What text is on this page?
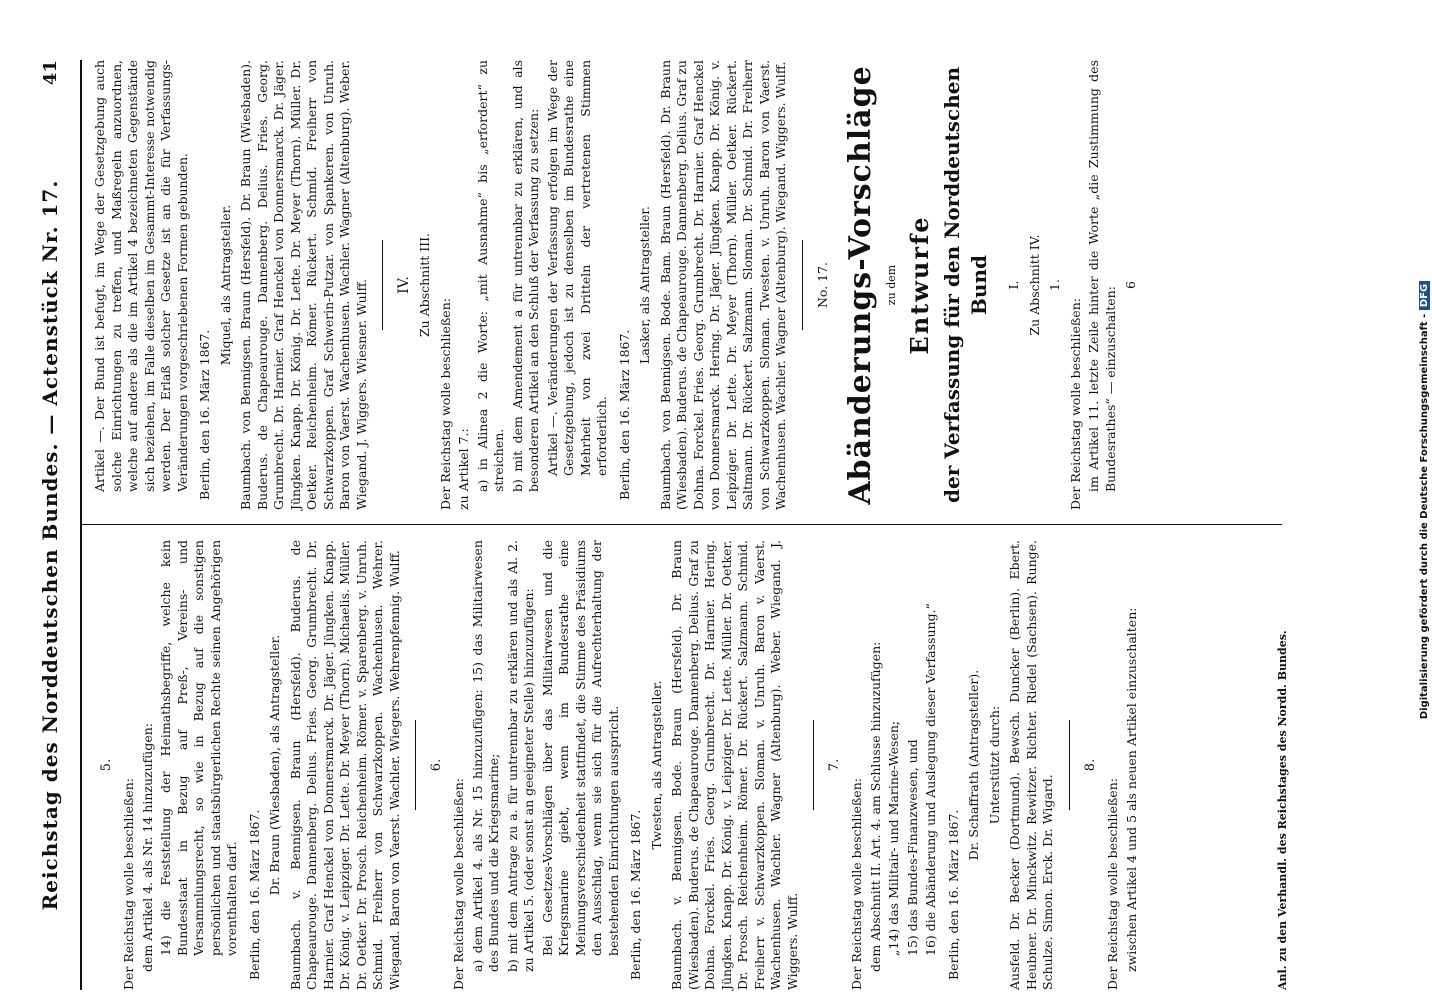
Reichstag des Norddeutschen Bundes. — Actenstück Nr. 17.
41
5.
Der Reichstag wolle beschließen: dem Artikel 4. als Nr. 14 hinzuzufügen: 14) die Feststellung der Heimathsbegriffe, welche kein Bundesstaat in Bezug auf Preß-, Vereins- und Versammlungsrecht, so wie in Bezug auf die sonstigen persönlichen und staatsbürgerlichen Rechte seinen Angehörigen vorenthalten darf. Berlin, den 16. März 1867. Dr. Braun (Wiesbaden), als Antragsteller. Baumbach. v. Bennigsen. Braun (Hersfeld). Buderus. de Chapeaurouge. Dannenberg. Delius. Fries. Georg. Grumbrecht. Dr. Harnier. Graf Henckel von Donnersmarck. Dr. Jäger. Jüngken. Knapp. Dr. König. v. Leipziger. Dr. Lette. Dr. Meyer (Thorn). Michaelis. Müller. Dr. Oetker. Dr. Prosch. Reichenheim. Römer. v. Sparenberg. v. Unruh. Schmid. Freiherr von Schwarzkoppen. Wachenhusen. Wehrer. Wiegand. Baron von Vaerst. Wachler. Wiegers. Wehrenpfennig. Wulff. 6.
Der Reichstag wolle beschließen: a) dem Artikel 4. als Nr. 15 hinzuzufügen: 15) das Militairwesen des Bundes und die Kriegsmarine; b) mit dem Antrage zu a. für untrennbar zu erklären und als Al. 2. zu Artikel 5. (oder sonst an geeigneter Stelle) hinzuzufügen: Bei Gesetzes-Vorschlägen über das Militairwesen und die Kriegsmarine giebt, wenn im Bundesrathe eine Meinungsverschiedenheit stattfindet, die Stimme des Präsidiums den Ausschlag, wenn sie sich für die Aufrechterhaltung der bestehenden Einrichtungen ausspricht. Berlin, den 16. März 1867.
Twesten, als Antragsteller. Baumbach. v. Bennigsen. Bode. Braun (Hersfeld). Dr. Braun (Wiesbaden). Buderus. de Chapeaurouge. Dannenberg. Delius. Graf zu Dohna. Forckel. Fries. Georg. Grumbrecht. Dr. Harnier. Hering. Jüngken. Knapp. Dr. König. v. Leipziger. Dr. Lette. Müller. Dr. Oetker. Dr. Prosch. Reichenheim. Römer. Dr. Rückert. Salzmann. Schmid. Freiherr v. Schwarzkoppen. Sloman. v. Unruh. Baron v. Vaerst. Wachenhusen. Wachler. Wagner (Altenburg). Weber. Wiegand. J. Wiggers. Wulff.
7.
Der Reichstag wolle beschließen: dem Abschnitt II. Art. 4. am Schlusse hinzuzufügen: „14) das Militair- und Marine-Wesen; 15) das Bundes-Finanzwesen, und 16) die Abänderung und Auslegung dieser Verfassung.“ Berlin, den 16. März 1867.
Dr. Schaffrath (Antragsteller). Unterstützt durch: Ausfeld. Dr. Becker (Dortmund). Bewsch. Duncker (Berlin). Ebert. Heubner. Dr. Minckwitz. Rewitzer. Richter. Riedel (Sachsen). Runge. Schulze. Simon. Erck. Dr. Wigard.
8.
Der Reichstag wolle beschließen: zwischen Artikel 4 und 5 als neuen Artikel einzuschalten:	Anl. zu den Verhandl. des Reichstages des Nordd. Bundes.
Artikel —. Der Bund ist befugt, im Wege der Gesetzgebung auch solche Einrichtungen zu treffen, und Maßregeln anzuordnen, welche auf andere als die im Artikel 4 bezeichneten Gegenstände sich beziehen, im Falle dieselben im Gesammt-Interesse notwendig werden. Der Erlaß solcher Gesetze ist an die für Verfassungs-Veränderungen vorgeschriebenen Formen gebunden. Berlin, den 16. März 1867.
Miquel, als Antragsteller. Baumbach. von Bennigsen. Braun (Hersfeld). Dr. Braun (Wiesbaden). Buderus. de Chapeaurouge. Dannenberg. Delius. Fries. Georg. Grumbrecht. Dr. Harnier. Graf Henckel von Donnersmarck. Dr. Jäger. Jüngken. Knapp. Dr. König. Dr. Lette. Dr. Meyer (Thorn). Müller. Dr. Oetker. Reichenheim. Römer. Rückert. Schmid. Freiherr von Schwarzkoppen. Graf Schwerin-Putzar. von Spankeren. von Unruh. Baron von Vaerst. Wachenhusen. Wachler. Wagner (Altenburg). Weber. Wiegand. J. Wiggers. Wiesner. Wulff. IV. Zu Abschnitt III.
Der Reichstag wolle beschließen: zu Artikel 7.: a) in Alinea 2 die Worte: „mit Ausnahme“ bis „erfordert“ zu streichen. b) mit dem Amendement a für untrennbar zu erklären, und als besonderen Artikel an den Schluß der Verfassung zu setzen: Artikel —. Veränderungen der Verfassung erfolgen im Wege der Gesetzgebung, jedoch ist zu denselben im Bundesrathe eine Mehrheit von zwei Dritteln der vertretenen Stimmen erforderlich. Berlin, den 16. März 1867.
Lasker, als Antragsteller. Baumbach. von Bennigsen. Bode. Bam. Braun (Hersfeld). Dr. Braun (Wiesbaden). Buderus. de Chapeaurouge. Dannenberg. Delius. Graf zu Dohna. Forckel. Fries. Georg. Grumbrecht. Dr. Harnier. Graf Henckel von Donnersmarck. Hering. Dr. Jäger. Jüngken. Knapp. Dr. König. v. Leipziger. Dr. Lette. Dr. Meyer (Thorn). Müller. Oetker. Rückert. Saltmann. Dr. Rückert. Salzmann. Sloman. Dr. Schmid. Dr. Freiherr von Schwarzkoppen. Sloman. Twesten. v. Unruh. Baron von Vaerst. Wachenhusen. Wachler. Wagner (Altenburg). Wiegand. Wiggers. Wulff. No. 17. Abänderungs-Vorschläge zu dem Entwurfe der Verfassung für den Norddeutschen Bund I. Zu Abschnitt IV. 1.
Der Reichstag wolle beschließen: im Artikel 11. letzte Zeile hinter die Worte „die Zustimmung des Bundesrathes“ — einzuschalten:
6
Digitalisierung gefördert durch die Deutsche Forschungsgemeinschaft - DFG
